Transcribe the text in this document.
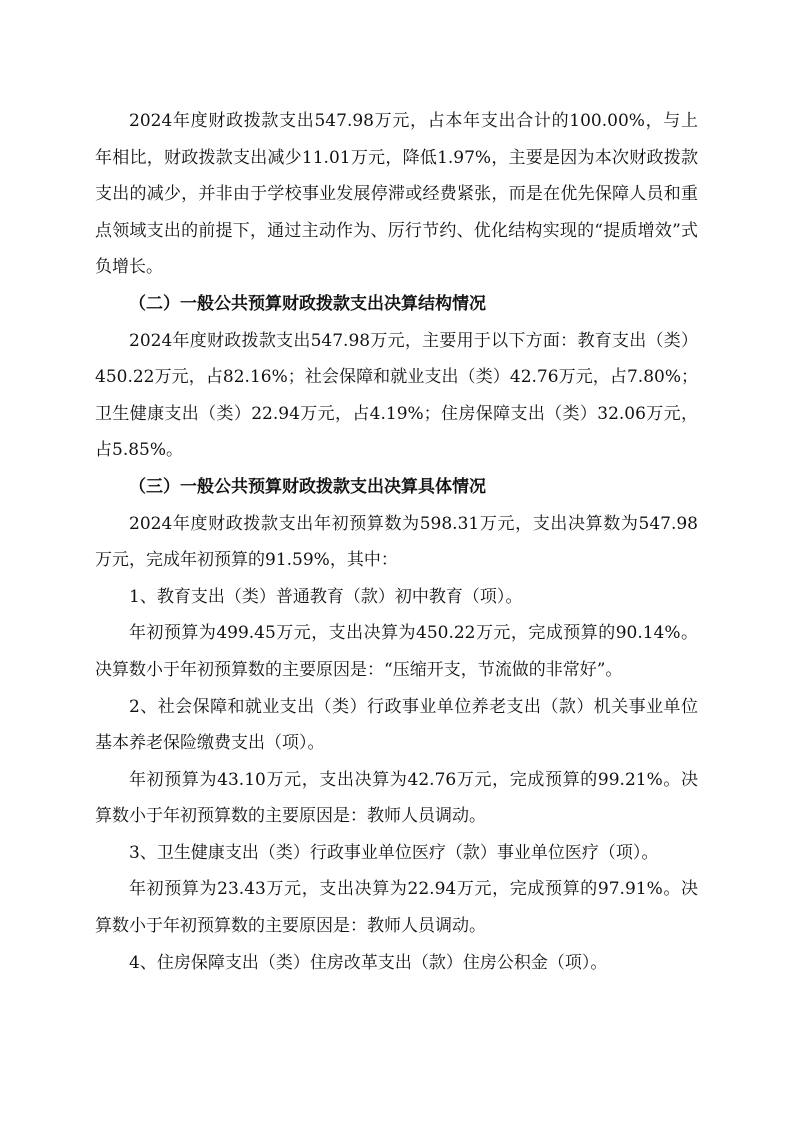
2024年度财政拨款支出547.98万元，占本年支出合计的100.00%，与上年相比，财政拨款支出减少11.01万元，降低1.97%，主要是因为本次财政拨款支出的减少，并非由于学校事业发展停滞或经费紧张，而是在优先保障人员和重点领域支出的前提下，通过主动作为、厉行节约、优化结构实现的“提质增效”式负增长。

（二）一般公共预算财政拨款支出决算结构情况

2024年度财政拨款支出547.98万元，主要用于以下方面：教育支出（类）450.22万元，占82.16%；社会保障和就业支出（类）42.76万元，占7.80%；卫生健康支出（类）22.94万元，占4.19%；住房保障支出（类）32.06万元，占5.85%。

（三）一般公共预算财政拨款支出决算具体情况

2024年度财政拨款支出年初预算数为598.31万元，支出决算数为547.98万元，完成年初预算的91.59%，其中：

1、教育支出（类）普通教育（款）初中教育（项）。

年初预算为499.45万元，支出决算为450.22万元，完成预算的90.14%。决算数小于年初预算数的主要原因是：“压缩开支，节流做的非常好”。

2、社会保障和就业支出（类）行政事业单位养老支出（款）机关事业单位基本养老保险缴费支出（项）。

年初预算为43.10万元，支出决算为42.76万元，完成预算的99.21%。决算数小于年初预算数的主要原因是：教师人员调动。

3、卫生健康支出（类）行政事业单位医疗（款）事业单位医疗（项）。

年初预算为23.43万元，支出决算为22.94万元，完成预算的97.91%。决算数小于年初预算数的主要原因是：教师人员调动。

4、住房保障支出（类）住房改革支出（款）住房公积金（项）。
